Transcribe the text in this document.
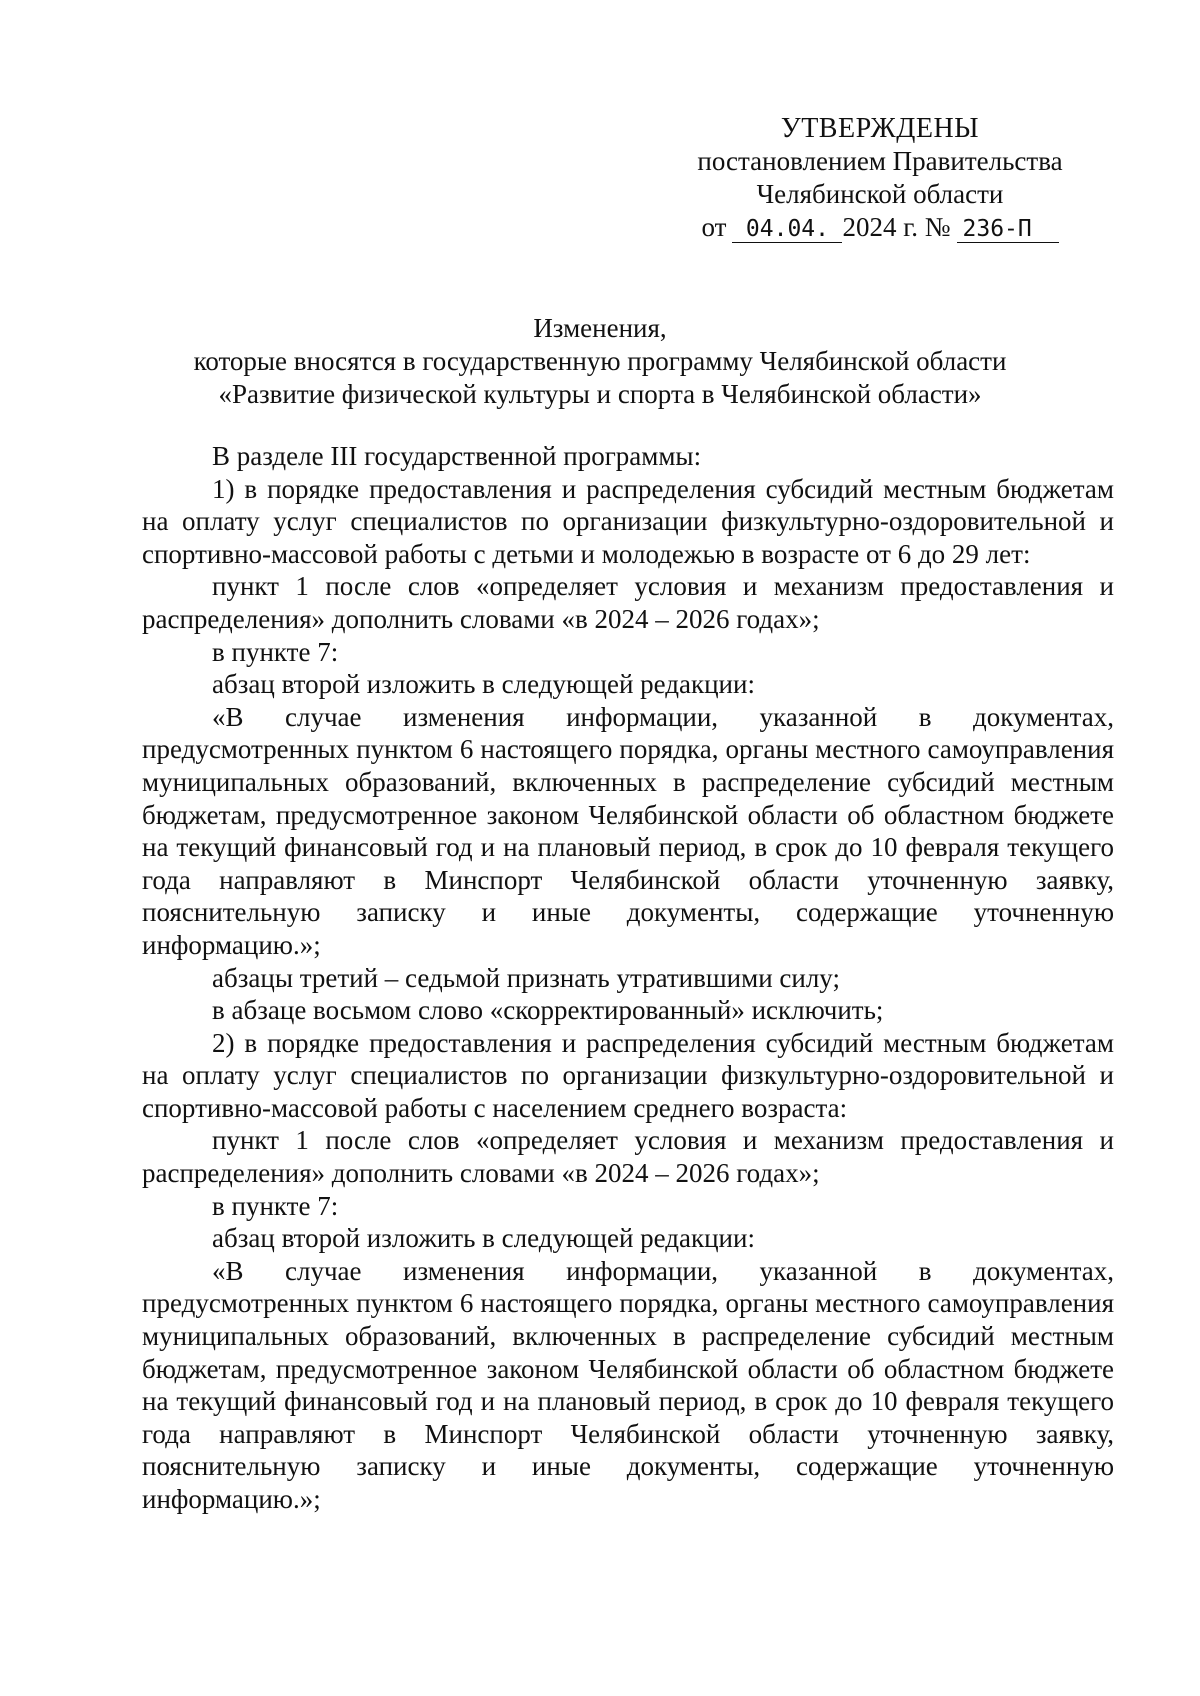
УТВЕРЖДЕНЫ
постановлением Правительства
Челябинской области
от 04.04. 2024 г. № 236-П
Изменения,
которые вносятся в государственную программу Челябинской области
«Развитие физической культуры и спорта в Челябинской области»

В разделе III государственной программы:

1) в порядке предоставления и распределения субсидий местным бюджетам на оплату услуг специалистов по организации физкультурно-оздоровительной и спортивно-массовой работы с детьми и молодежью в возрасте от 6 до 29 лет:

пункт 1 после слов «определяет условия и механизм предоставления и распределения» дополнить словами «в 2024 – 2026 годах»;

в пункте 7:

абзац второй изложить в следующей редакции:

«В случае изменения информации, указанной в документах, предусмотренных пунктом 6 настоящего порядка, органы местного самоуправления муниципальных образований, включенных в распределение субсидий местным бюджетам, предусмотренное законом Челябинской области об областном бюджете на текущий финансовый год и на плановый период, в срок до 10 февраля текущего года направляют в Минспорт Челябинской области уточненную заявку, пояснительную записку и иные документы, содержащие уточненную информацию.»;

абзацы третий – седьмой признать утратившими силу;

в абзаце восьмом слово «скорректированный» исключить;

2) в порядке предоставления и распределения субсидий местным бюджетам на оплату услуг специалистов по организации физкультурно-оздоровительной и спортивно-массовой работы с населением среднего возраста:

пункт 1 после слов «определяет условия и механизм предоставления и распределения» дополнить словами «в 2024 – 2026 годах»;

в пункте 7:

абзац второй изложить в следующей редакции:

«В случае изменения информации, указанной в документах, предусмотренных пунктом 6 настоящего порядка, органы местного самоуправления муниципальных образований, включенных в распределение субсидий местным бюджетам, предусмотренное законом Челябинской области об областном бюджете на текущий финансовый год и на плановый период, в срок до 10 февраля текущего года направляют в Минспорт Челябинской области уточненную заявку, пояснительную записку и иные документы, содержащие уточненную информацию.»;
